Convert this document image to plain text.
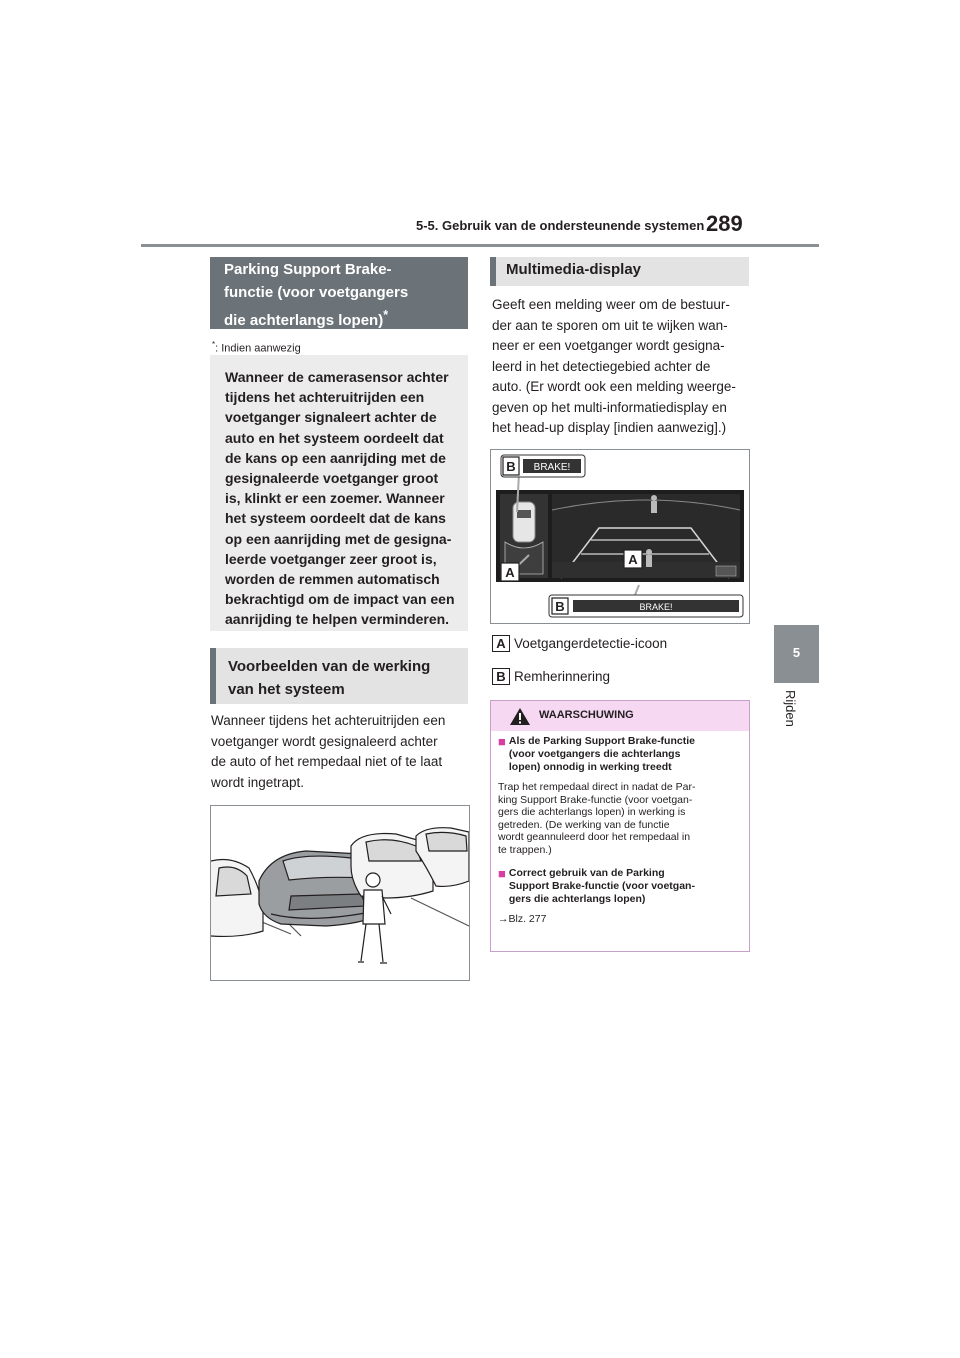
5-5. Gebruik van de ondersteunende systemen 289
5
Rijden
Parking Support Brake-
functie (voor voetgangers
die achterlangs lopen)*
*: Indien aanwezig
Wanneer de camerasensor achter
tijdens het achteruitrijden een
voetganger signaleert achter de
auto en het systeem oordeelt dat
de kans op een aanrijding met de
gesignaleerde voetganger groot
is, klinkt er een zoemer. Wanneer
het systeem oordeelt dat de kans
op een aanrijding met de gesigna-
leerde voetganger zeer groot is,
worden de remmen automatisch
bekrachtigd om de impact van een
aanrijding te helpen verminderen.
Voorbeelden van de werking
van het systeem
Wanneer tijdens het achteruitrijden een
voetganger wordt gesignaleerd achter
de auto of het rempedaal niet of te laat
wordt ingetrapt.
Multimedia-display
Geeft een melding weer om de bestuur-
der aan te sporen om uit te wijken wan-
neer er een voetganger wordt gesigna-
leerd in het detectiegebied achter de
auto. (Er wordt ook een melding weerge-
geven op het multi-informatiedisplay en
het head-up display [indien aanwezig].)
B BRAKE!
A
A
B	BRAKE!
A Voetgangerdetectie-icoon
B Remherinnering
WAARSCHUWING
■ Als de Parking Support Brake-functie
(voor voetgangers die achterlangs
lopen) onnodig in werking treedt
Trap het rempedaal direct in nadat de Par-
king Support Brake-functie (voor voetgan-
gers die achterlangs lopen) in werking is
getreden. (De werking van de functie
wordt geannuleerd door het rempedaal in
te trappen.)
■ Correct gebruik van de Parking
Support Brake-functie (voor voetgan-
gers die achterlangs lopen)
→Blz. 277
